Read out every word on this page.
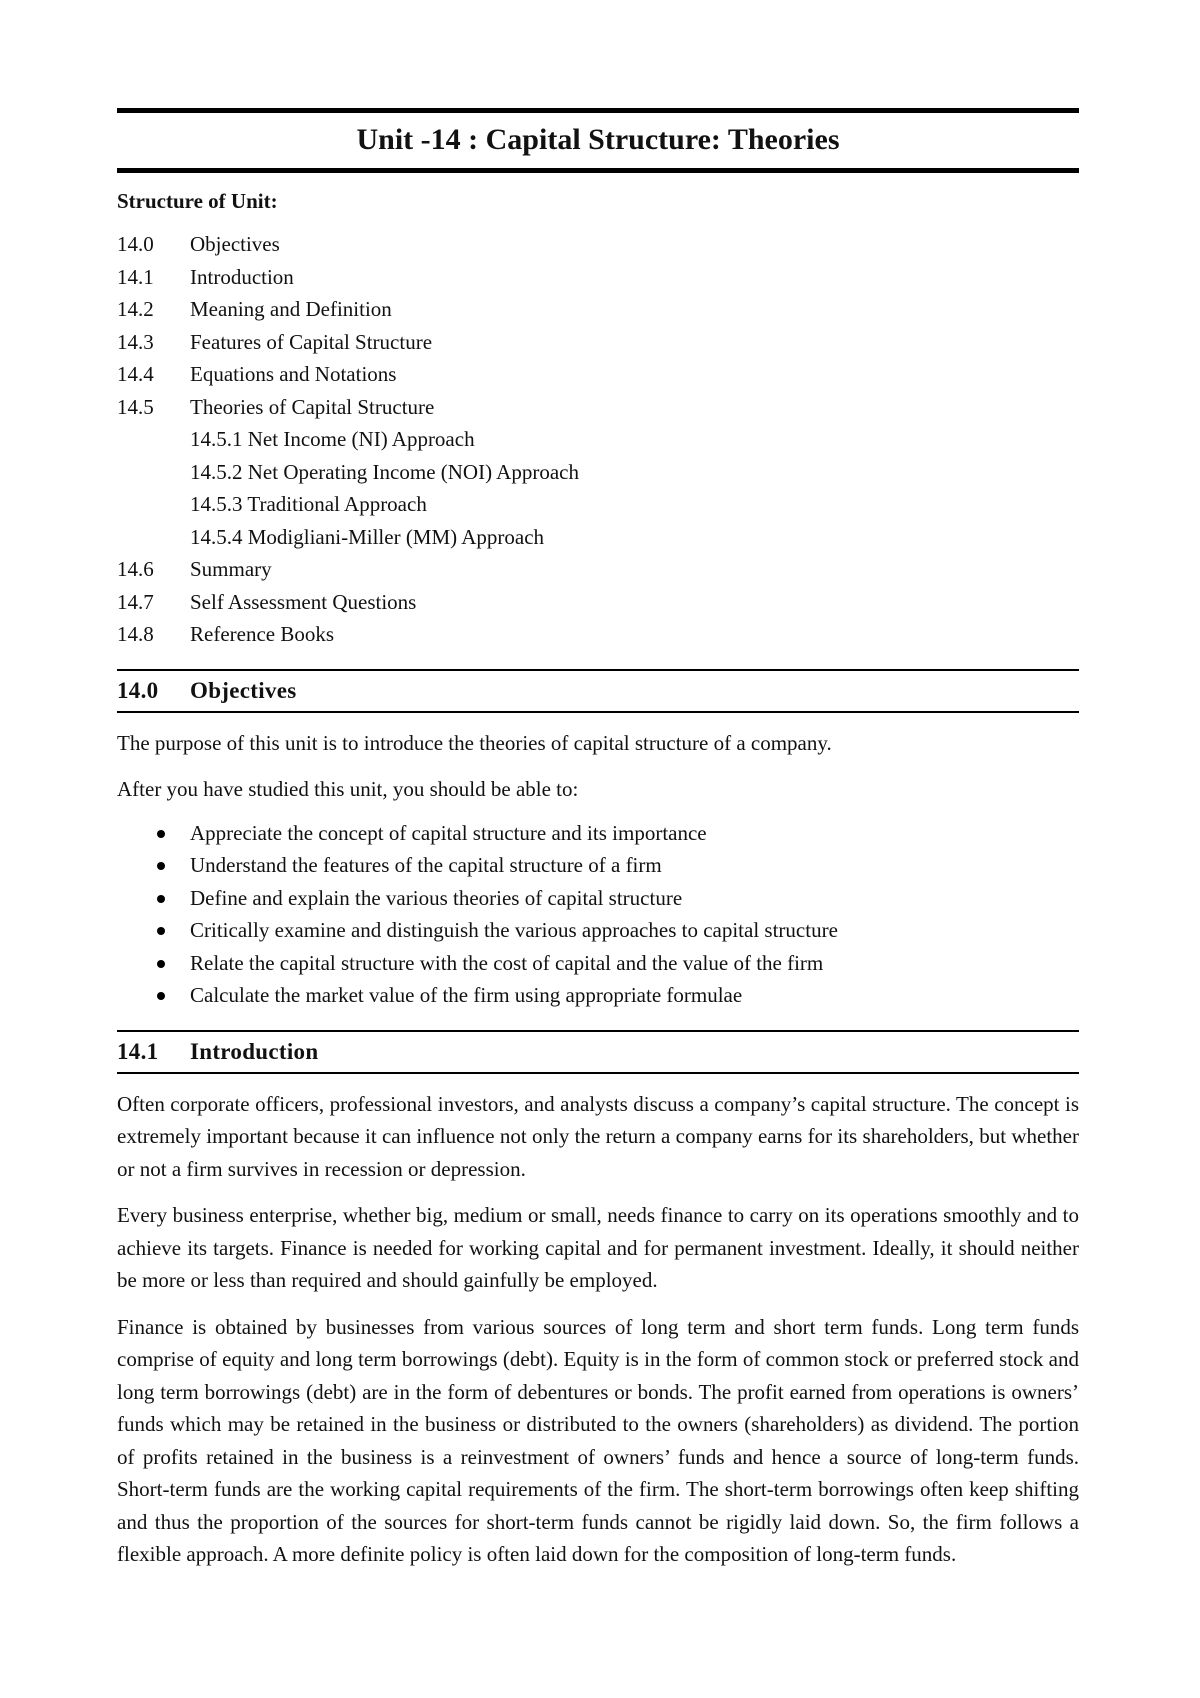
Unit -14 : Capital Structure: Theories
Structure of Unit:
14.0	Objectives
14.1	Introduction
14.2	Meaning and Definition
14.3	Features of Capital Structure
14.4	Equations and Notations
14.5	Theories of Capital Structure
14.5.1 Net Income (NI) Approach
14.5.2 Net Operating Income (NOI) Approach
14.5.3 Traditional Approach
14.5.4 Modigliani-Miller (MM) Approach
14.6	Summary
14.7	Self Assessment Questions
14.8	Reference Books
14.0	Objectives

The purpose of this unit is to introduce the theories of capital structure of a company.

After you have studied this unit, you should be able to:

Appreciate the concept of capital structure and its importance
Understand the features of the capital structure of a firm
Define and explain the various theories of capital structure
Critically examine and distinguish the various approaches to capital structure
Relate the capital structure with the cost of capital and the value of the firm
Calculate the market value of the firm using appropriate formulae
14.1	Introduction

Often corporate officers, professional investors, and analysts discuss a company’s capital structure. The concept is extremely important because it can influence not only the return a company earns for its shareholders, but whether or not a firm survives in recession or depression.

Every business enterprise, whether big, medium or small, needs finance to carry on its operations smoothly and to achieve its targets. Finance is needed for working capital and for permanent investment. Ideally, it should neither be more or less than required and should gainfully be employed.

Finance is obtained by businesses from various sources of long term and short term funds. Long term funds comprise of equity and long term borrowings (debt). Equity is in the form of common stock or preferred stock and long term borrowings (debt) are in the form of debentures or bonds. The profit earned from operations is owners’ funds which may be retained in the business or distributed to the owners (shareholders) as dividend. The portion of profits retained in the business is a reinvestment of owners’ funds and hence a source of long-term funds. Short-term funds are the working capital requirements of the firm. The short-term borrowings often keep shifting and thus the proportion of the sources for short-term funds cannot be rigidly laid down. So, the firm follows a flexible approach. A more definite policy is often laid down for the composition of long-term funds.
